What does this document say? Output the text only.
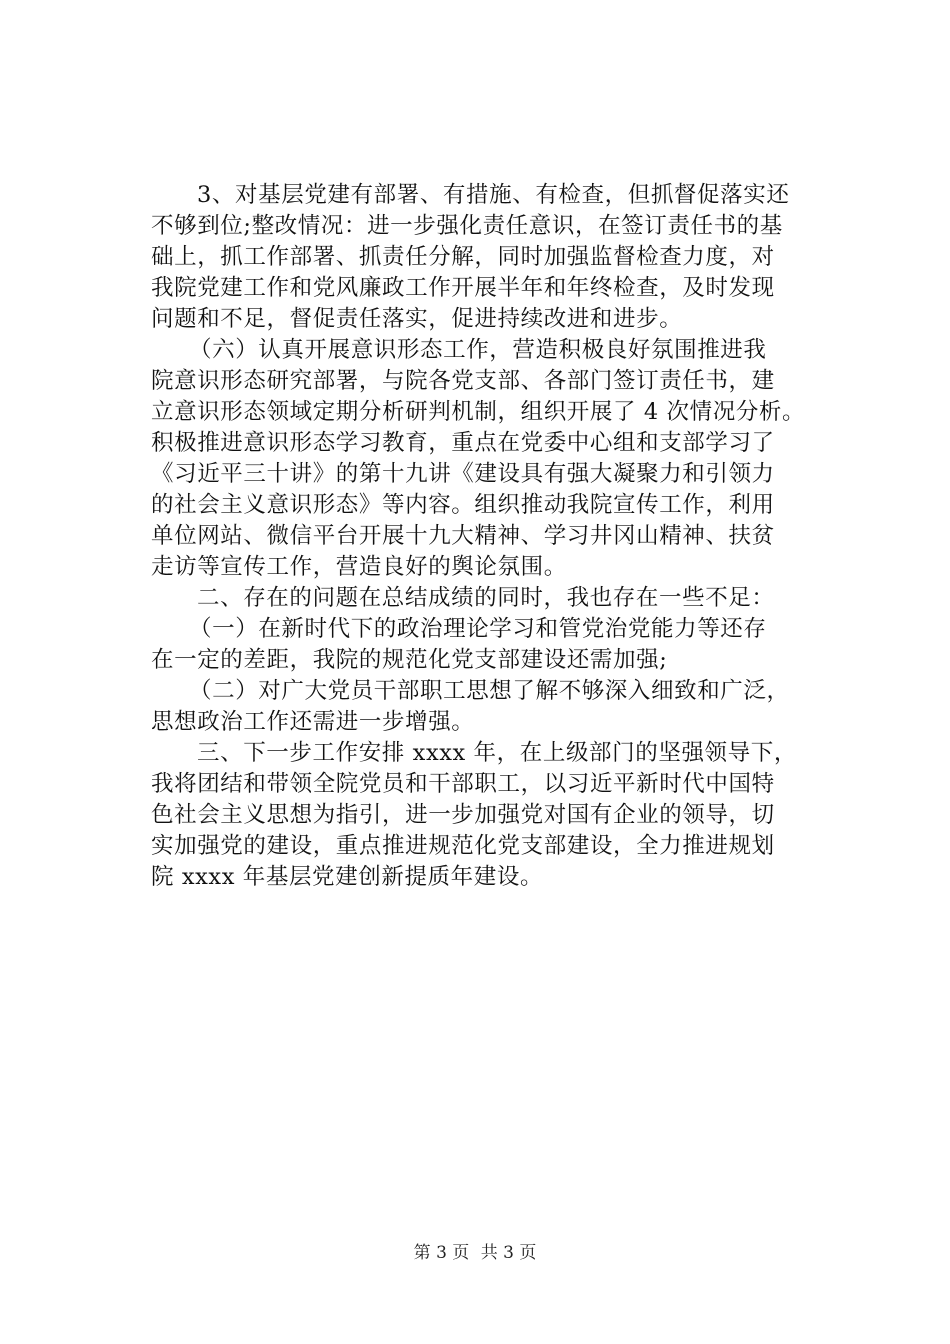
3、对基层党建有部署、有措施、有检查，但抓督促落实还
不够到位;整改情况：进一步强化责任意识，在签订责任书的基
础上，抓工作部署、抓责任分解，同时加强监督检查力度，对
我院党建工作和党风廉政工作开展半年和年终检查，及时发现
问题和不足，督促责任落实，促进持续改进和进步。
（六）认真开展意识形态工作，营造积极良好氛围推进我
院意识形态研究部署，与院各党支部、各部门签订责任书，建
立意识形态领域定期分析研判机制，组织开展了 4 次情况分析。
积极推进意识形态学习教育，重点在党委中心组和支部学习了
《习近平三十讲》的第十九讲《建设具有强大凝聚力和引领力
的社会主义意识形态》等内容。组织推动我院宣传工作，利用
单位网站、微信平台开展十九大精神、学习井冈山精神、扶贫
走访等宣传工作，营造良好的舆论氛围。
二、存在的问题在总结成绩的同时，我也存在一些不足：
（一）在新时代下的政治理论学习和管党治党能力等还存
在一定的差距，我院的规范化党支部建设还需加强;
（二）对广大党员干部职工思想了解不够深入细致和广泛，
思想政治工作还需进一步增强。
三、下一步工作安排 xxxx 年，在上级部门的坚强领导下，
我将团结和带领全院党员和干部职工，以习近平新时代中国特
色社会主义思想为指引，进一步加强党对国有企业的领导，切
实加强党的建设，重点推进规范化党支部建设，全力推进规划
院 xxxx 年基层党建创新提质年建设。
第 3 页 共 3 页
